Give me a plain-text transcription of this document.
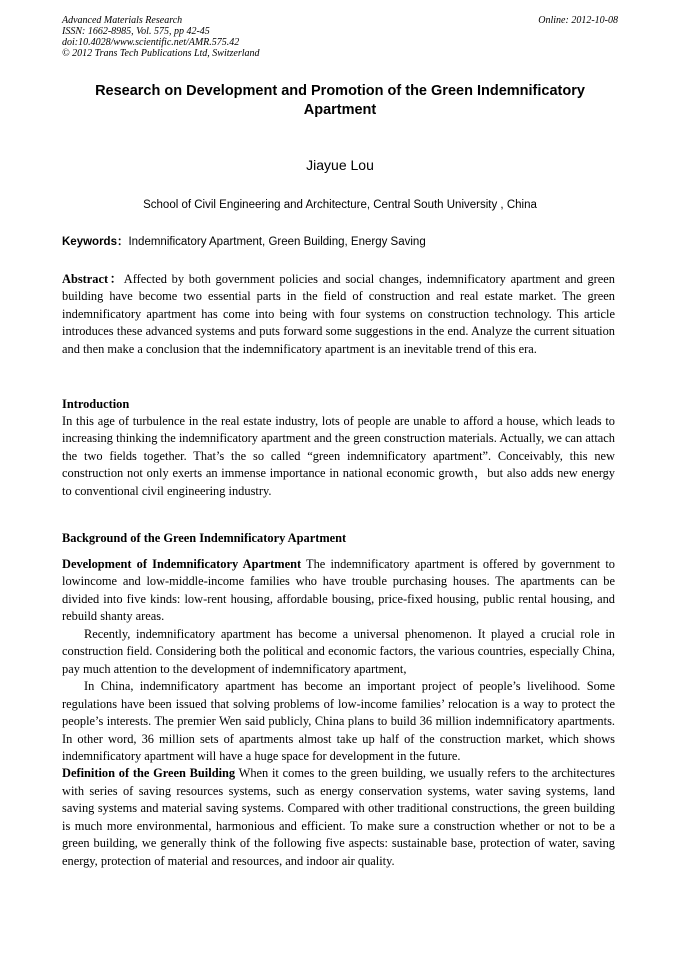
Advanced Materials Research
ISSN: 1662-8985, Vol. 575, pp 42-45
doi:10.4028/www.scientific.net/AMR.575.42
© 2012 Trans Tech Publications Ltd, Switzerland
Online: 2012-10-08
Research on Development and Promotion of the Green Indemnificatory Apartment
Jiayue Lou
School of Civil Engineering and Architecture, Central South University , China
Keywords：Indemnificatory Apartment, Green Building, Energy Saving

Abstract：Affected by both government policies and social changes, indemnificatory apartment and green building have become two essential parts in the field of construction and real estate market. The green indemnificatory apartment has come into being with four systems on construction technology. This article introduces these advanced systems and puts forward some suggestions in the end. Analyze the current situation and then make a conclusion that the indemnificatory apartment is an inevitable trend of this era.

Introduction

In this age of turbulence in the real estate industry, lots of people are unable to afford a house, which leads to increasing thinking the indemnificatory apartment and the green construction materials. Actually, we can attach the two fields together. That’s the so called “green indemnificatory apartment”. Conceivably, this new construction not only exerts an immense importance in national economic growth，but also adds new energy to conventional civil engineering industry.

Background of the Green Indemnificatory Apartment

Development of Indemnificatory Apartment The indemnificatory apartment is offered by government to lowincome and low-middle-income families who have trouble purchasing houses. The apartments can be divided into five kinds: low-rent housing, affordable bousing, price-fixed housing, public rental housing, and rebuild shanty areas.

Recently, indemnificatory apartment has become a universal phenomenon. It played a crucial role in construction field. Considering both the political and economic factors, the various countries, especially China, pay much attention to the development of indemnificatory apartment,

In China, indemnificatory apartment has become an important project of people’s livelihood. Some regulations have been issued that solving problems of low-income families’ relocation is a way to protect the people’s interests. The premier Wen said publicly, China plans to build 36 million indemnificatory apartments. In other word, 36 million sets of apartments almost take up half of the construction market, which shows indemnificatory apartment will have a huge space for development in the future.

Definition of the Green Building When it comes to the green building, we usually refers to the architectures with series of saving resources systems, such as energy conservation systems, water saving systems, land saving systems and material saving systems. Compared with other traditional constructions, the green building is much more environmental, harmonious and efficient. To make sure a construction whether or not to be a green building, we generally think of the following five aspects: sustainable base, protection of water, saving energy, protection of material and resources, and indoor air quality.
